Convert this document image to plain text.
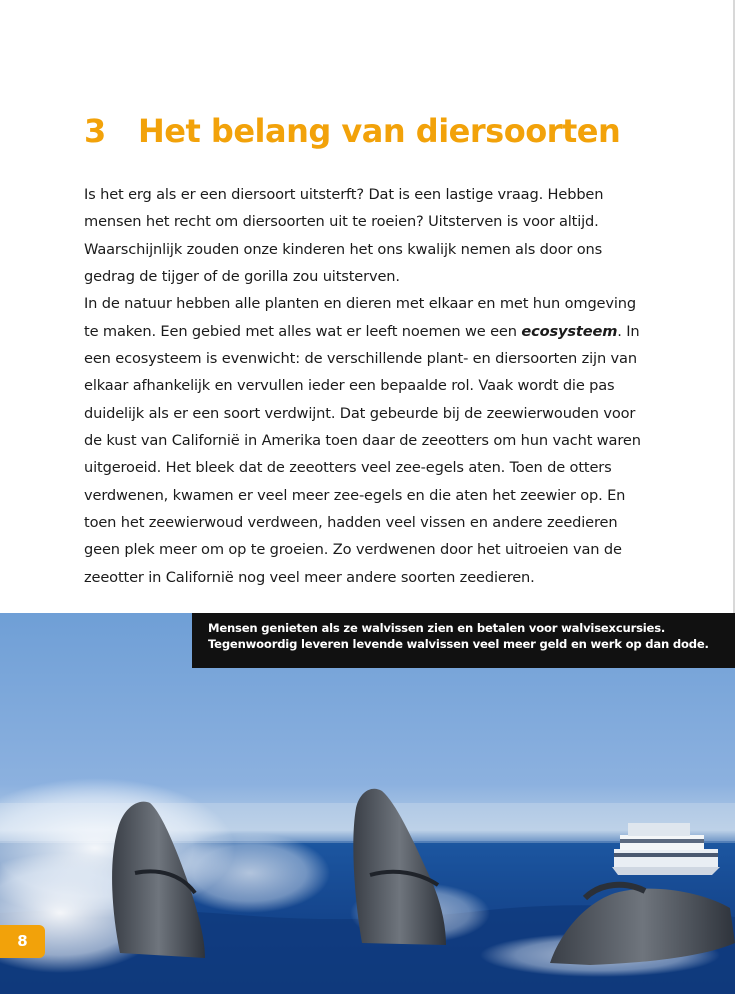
3 Het belang van diersoorten

Is het erg als er een diersoort uitsterft? Dat is een lastige vraag. Hebben mensen het recht om diersoorten uit te roeien? Uitsterven is voor altijd. Waarschijnlijk zouden onze kinderen het ons kwalijk nemen als door ons gedrag de tijger of de gorilla zou uitsterven.

In de natuur hebben alle planten en dieren met elkaar en met hun omgeving te maken. Een gebied met alles wat er leeft noemen we een ecosysteem. In een ecosysteem is evenwicht: de verschillende plant- en diersoorten zijn van elkaar afhankelijk en vervullen ieder een bepaalde rol. Vaak wordt die pas duidelijk als er een soort verdwijnt. Dat gebeurde bij de zeewierwouden voor de kust van Californië in Amerika toen daar de zeeotters om hun vacht waren uitgeroeid. Het bleek dat de zeeotters veel zee-egels aten. Toen de otters verdwenen, kwamen er veel meer zee-egels en die aten het zeewier op. En toen het zeewierwoud verdween, hadden veel vissen en andere zeedieren geen plek meer om op te groeien. Zo verdwenen door het uitroeien van de zeeotter in Californië nog veel meer andere soorten zeedieren.

Mensen genieten als ze walvissen zien en betalen voor walvisexcursies.
Tegenwoordig leveren levende walvissen veel meer geld en werk op dan dode.
8
